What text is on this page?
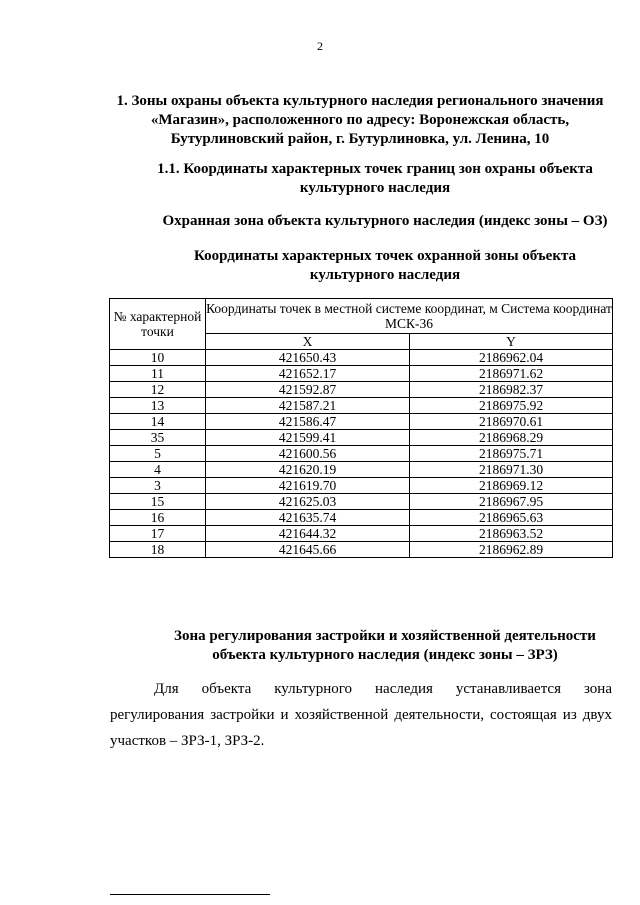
2
1. Зоны охраны объекта культурного наследия регионального значения «Магазин», расположенного по адресу: Воронежская область, Бутурлиновский район, г. Бутурлиновка, ул. Ленина, 10
1.1. Координаты характерных точек границ зон охраны объекта культурного наследия
Охранная зона объекта культурного наследия (индекс зоны – ОЗ)
Координаты характерных точек охранной зоны объекта культурного наследия
№ характерной точки	Координаты точек в местной системе координат, м Система координат МСК-36	
	X	Y
10	421650.43	2186962.04
11	421652.17	2186971.62
12	421592.87	2186982.37
13	421587.21	2186975.92
14	421586.47	2186970.61
35	421599.41	2186968.29
5	421600.56	2186975.71
4	421620.19	2186971.30
3	421619.70	2186969.12
15	421625.03	2186967.95
16	421635.74	2186965.63
17	421644.32	2186963.52
18	421645.66	2186962.89
Зона регулирования застройки и хозяйственной деятельности объекта культурного наследия (индекс зоны – ЗРЗ)
Для объекта культурного наследия устанавливается зона регулирования застройки и хозяйственной деятельности, состоящая из двух участков – ЗРЗ-1, ЗРЗ-2.
